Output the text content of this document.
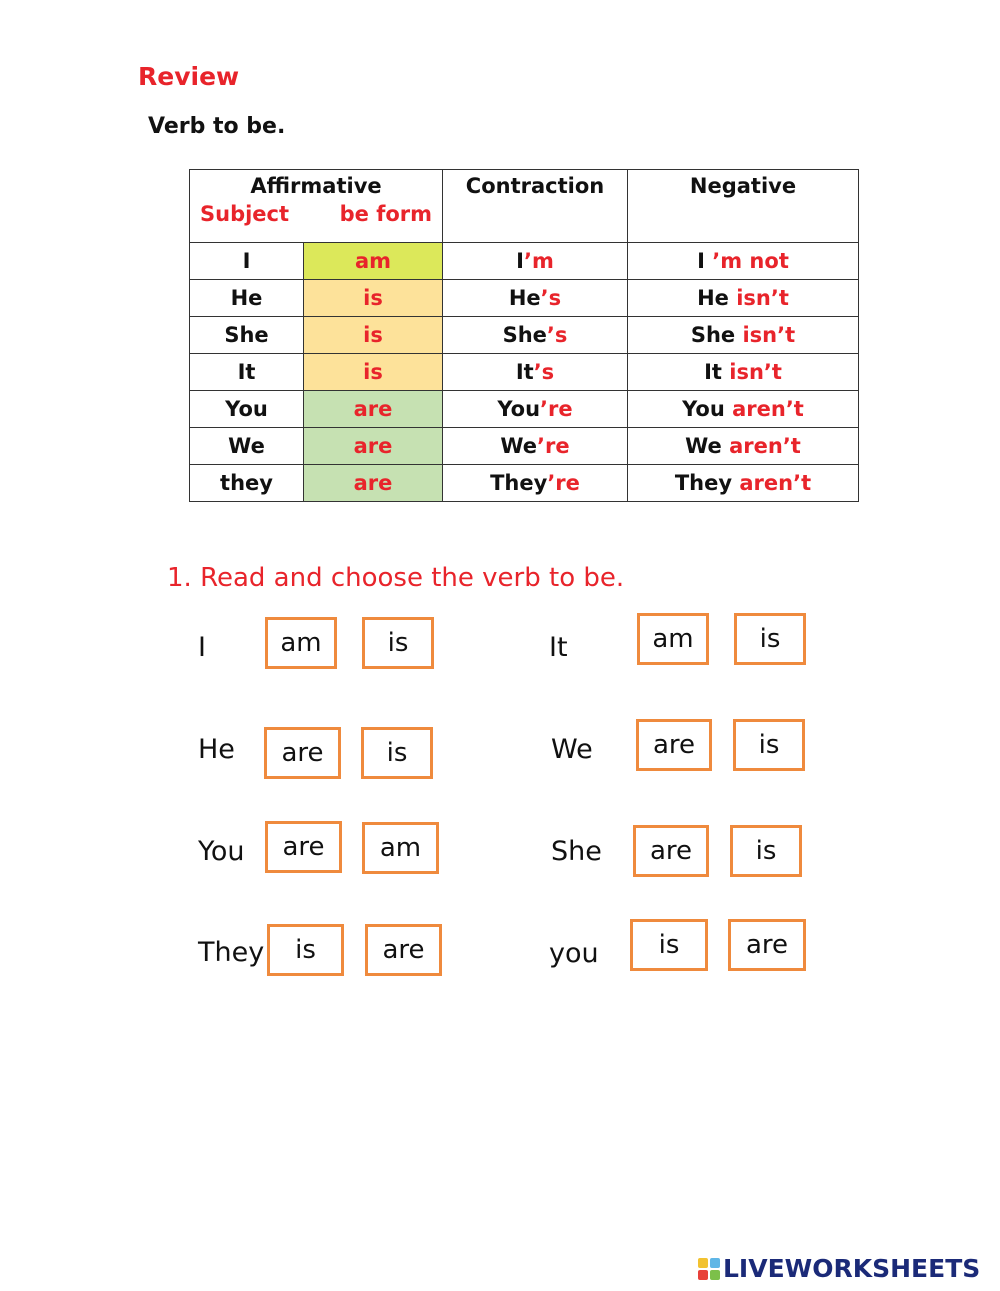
Review
Verb to be.
Affirmative
Subject be form		Contraction	Negative

I	am	I’m	I ’m not
He	is	He’s	He isn’t
She	is	She’s	She isn’t
It	is	It’s	It isn’t
You	are	You’re	You aren’t
We	are	We’re	We aren’t
they	are	They’re	They aren’t
1. Read and choose the verb to be.
I	am	is	It	am	is
He	are	is	We	are	is
You	are	am	She	are	is
They	is	are	you	is	are
LIVEWORKSHEETS
